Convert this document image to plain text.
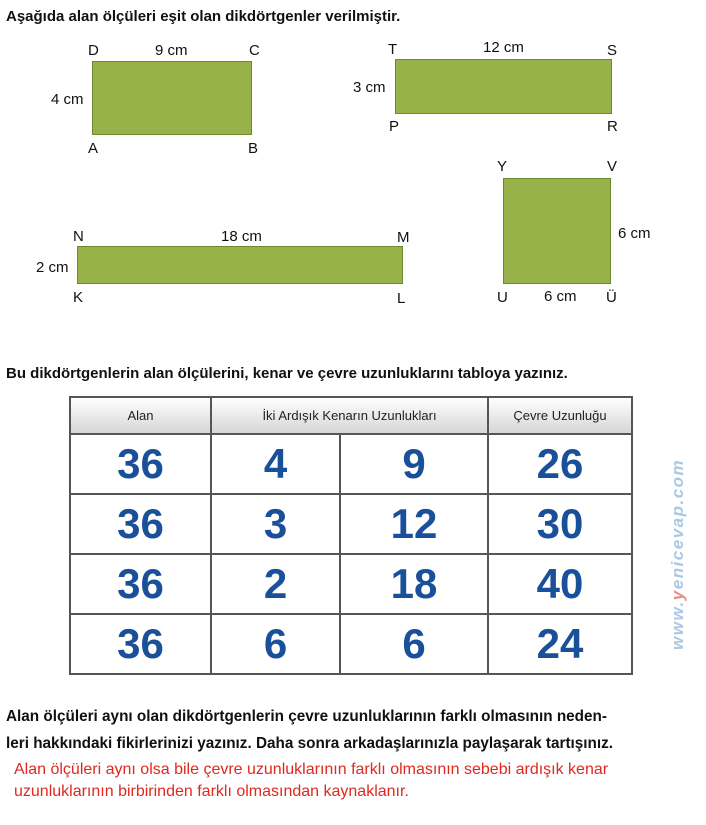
Aşağıda alan ölçüleri eşit olan dikdörtgenler verilmiştir.
D	C
A	B
9 cm
4 cm
T	S
P	R
12 cm
3 cm
N	M
K	L
18 cm
2 cm
Y	V
U	Ü
6 cm
6 cm
Bu dikdörtgenlerin alan ölçülerini, kenar ve çevre uzunluklarını tabloya yazınız.
Alan	İki Ardışık Kenarın Uzunlukları		Çevre Uzunluğu
36	4	9	26
36	3	12	30
36	2	18	40
36	6	6	24	www.yenicevap.com
Alan ölçüleri aynı olan dikdörtgenlerin çevre uzunluklarının farklı olmasının neden-
leri hakkındaki fikirlerinizi yazınız. Daha sonra arkadaşlarınızla paylaşarak tartışınız.
Alan ölçüleri aynı olsa bile çevre uzunluklarının farklı olmasının sebebi ardışık kenar
uzunluklarının birbirinden farklı olmasından kaynaklanır.
